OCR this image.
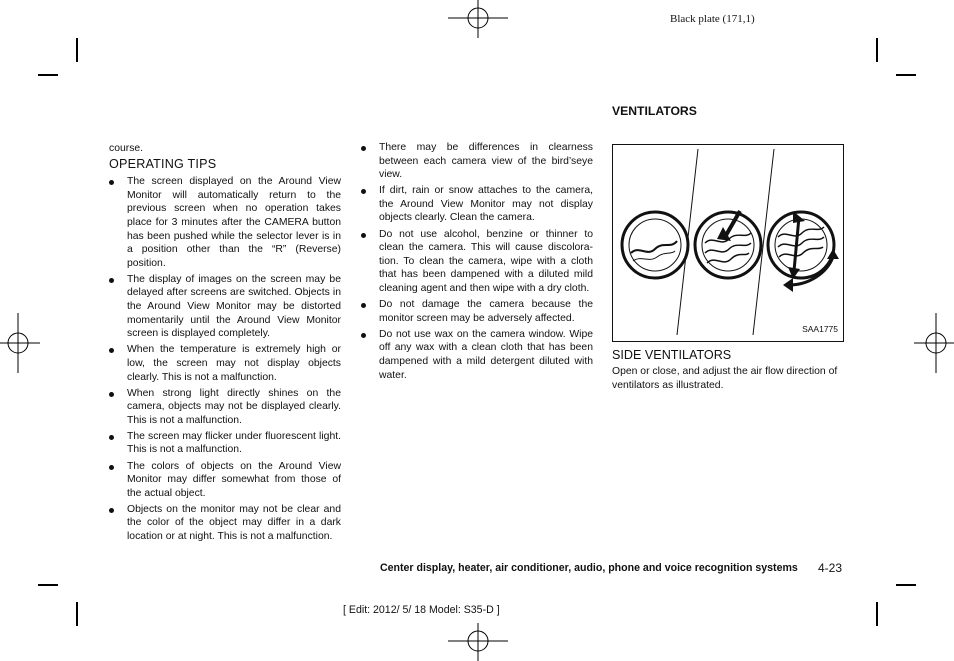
Black plate (171,1)

course.

OPERATING TIPS
The screen displayed on the Around View Monitor will automatically return to the previous screen when no operation takes place for 3 minutes after the CAMERA button has been pushed while the selector lever is in a position other than the “R” (Reverse) position.
The display of images on the screen may be delayed after screens are switched. Objects in the Around View Monitor may be distorted momentarily until the Around View Monitor screen is displayed completely.
When the temperature is extremely high or low, the screen may not display objects clearly. This is not a malfunction.
When strong light directly shines on the camera, objects may not be displayed clearly. This is not a malfunction.
The screen may flicker under fluorescent light. This is not a malfunction.
The colors of objects on the Around View Monitor may differ somewhat from those of the actual object.
Objects on the monitor may not be clear and the color of the object may differ in a dark location or at night. This is not a malfunction.
There may be differences in clearness between each camera view of the bird’seye view.
If dirt, rain or snow attaches to the camera, the Around View Monitor may not display objects clearly. Clean the camera.
Do not use alcohol, benzine or thinner to clean the camera. This will cause discolora-tion. To clean the camera, wipe with a cloth that has been dampened with a diluted mild cleaning agent and then wipe with a dry cloth.
Do not damage the camera because the monitor screen may be adversely affected.
Do not use wax on the camera window. Wipe off any wax with a clean cloth that has been dampened with a mild detergent diluted with water.
VENTILATORS
SAA1775
SIDE VENTILATORS

Open or close, and adjust the air flow direction of ventilators as illustrated.

Center display, heater, air conditioner, audio, phone and voice recognition systems 4-23
[ Edit: 2012/ 5/ 18 Model: S35-D ]
